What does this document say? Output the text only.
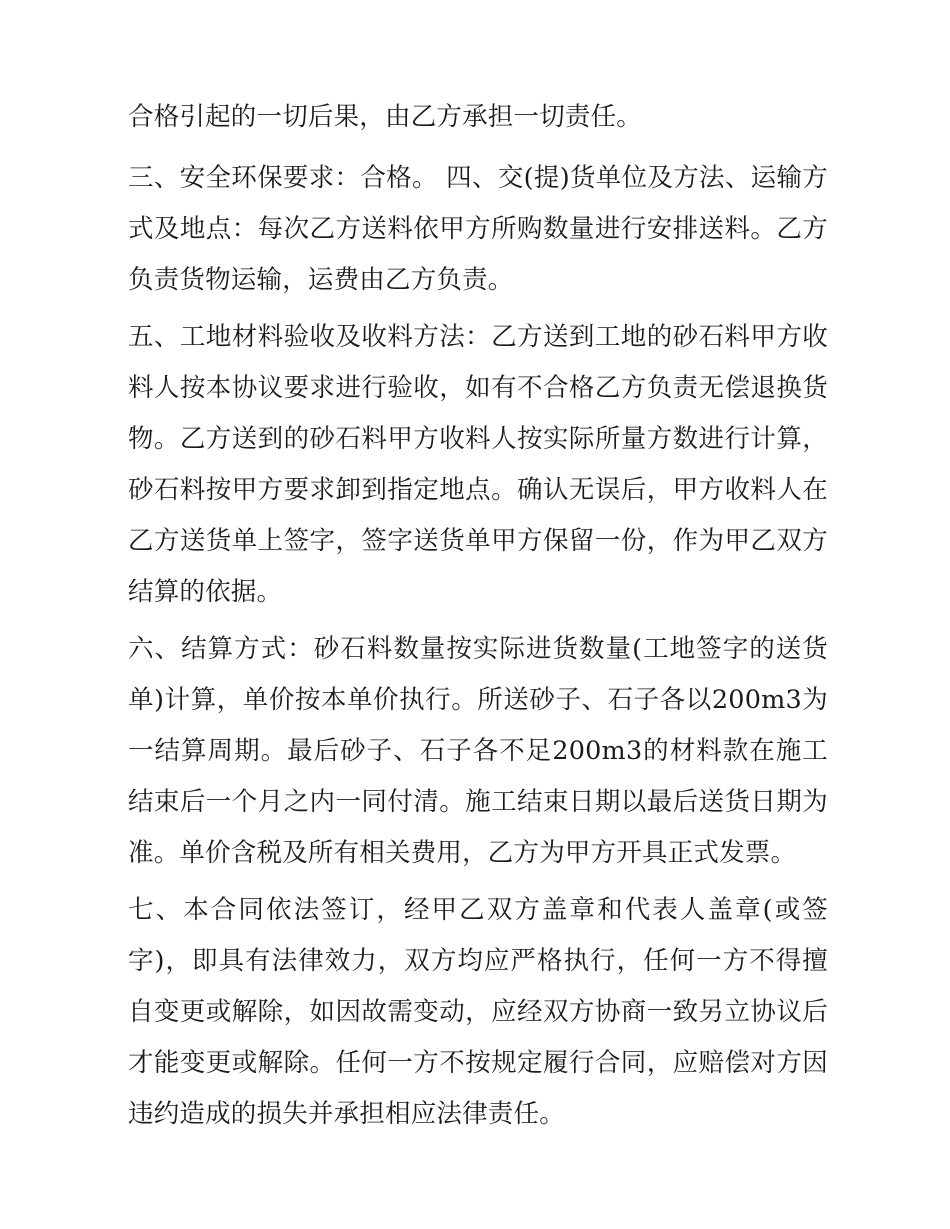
合格引起的一切后果，由乙方承担一切责任。

三、安全环保要求：合格。 四、交(提)货单位及方法、运输方式及地点：每次乙方送料依甲方所购数量进行安排送料。乙方负责货物运输，运费由乙方负责。

五、工地材料验收及收料方法：乙方送到工地的砂石料甲方收料人按本协议要求进行验收，如有不合格乙方负责无偿退换货物。乙方送到的砂石料甲方收料人按实际所量方数进行计算，砂石料按甲方要求卸到指定地点。确认无误后，甲方收料人在乙方送货单上签字，签字送货单甲方保留一份，作为甲乙双方结算的依据。

六、结算方式：砂石料数量按实际进货数量(工地签字的送货单)计算，单价按本单价执行。所送砂子、石子各以200m3为一结算周期。最后砂子、石子各不足200m3的材料款在施工结束后一个月之内一同付清。施工结束日期以最后送货日期为准。单价含税及所有相关费用，乙方为甲方开具正式发票。

七、本合同依法签订，经甲乙双方盖章和代表人盖章(或签字)，即具有法律效力，双方均应严格执行，任何一方不得擅自变更或解除，如因故需变动，应经双方协商一致另立协议后才能变更或解除。任何一方不按规定履行合同，应赔偿对方因违约造成的损失并承担相应法律责任。
